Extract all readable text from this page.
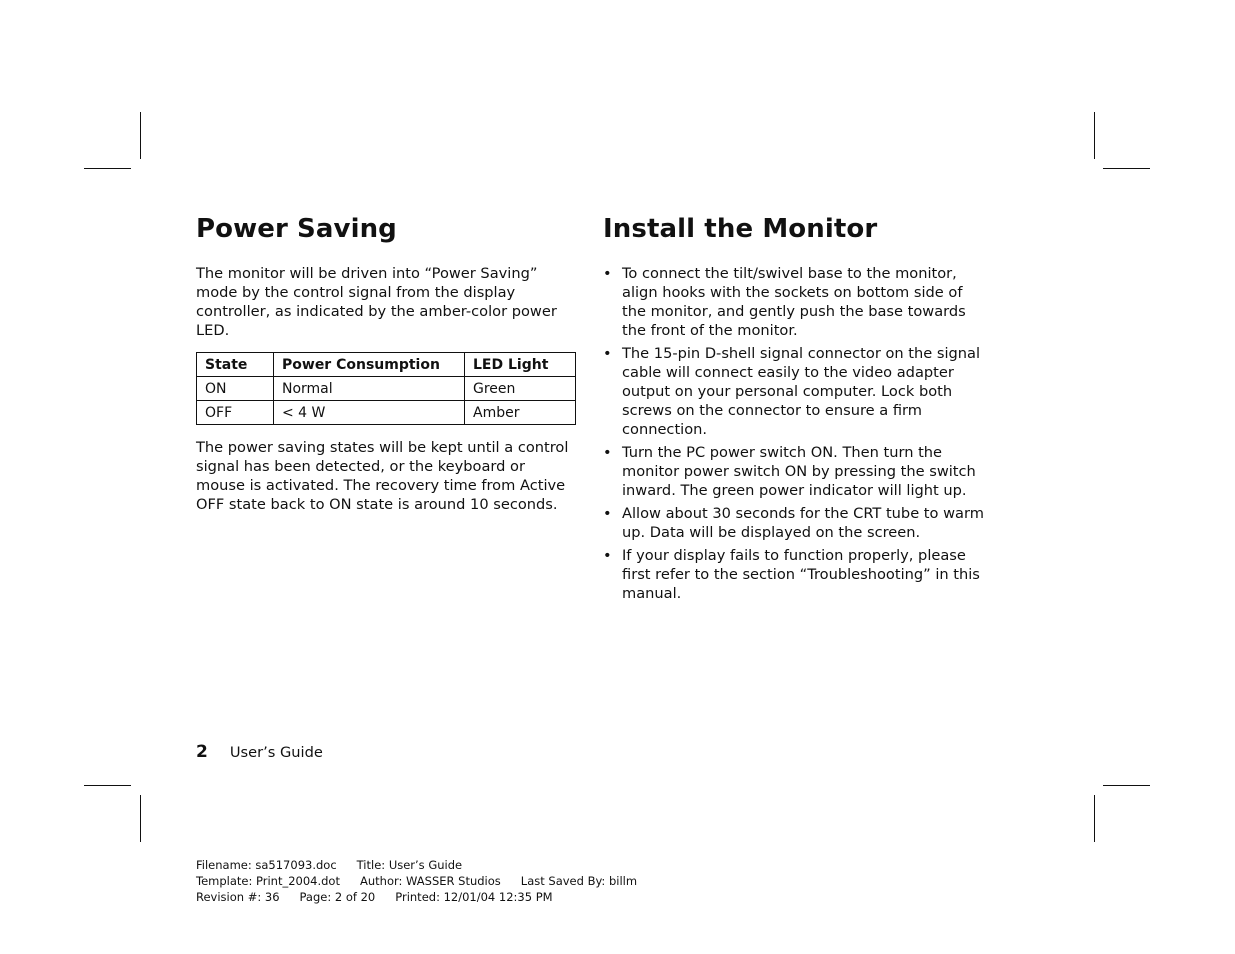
Power Saving

The monitor will be driven into “Power Saving” mode by the control signal from the display controller, as indicated by the amber-color power LED.

State	Power Consumption	LED Light
ON	Normal	Green
OFF	< 4 W	Amber

The power saving states will be kept until a control signal has been detected, or the keyboard or mouse is activated. The recovery time from Active OFF state back to ON state is around 10 seconds.

Install the Monitor
• To connect the tilt/swivel base to the monitor, align hooks with the sockets on bottom side of the monitor, and gently push the base towards the front of the monitor.
• The 15-pin D-shell signal connector on the signal cable will connect easily to the video adapter output on your personal computer. Lock both screws on the connector to ensure a firm connection.
• Turn the PC power switch ON. Then turn the monitor power switch ON by pressing the switch inward. The green power indicator will light up.
• Allow about 30 seconds for the CRT tube to warm up. Data will be displayed on the screen.
• If your display fails to function properly, please first refer to the section “Troubleshooting” in this manual.
2 User’s Guide
Filename: sa517093.doc Title: User’s Guide
Template: Print_2004.dot Author: WASSER Studios Last Saved By: billm
Revision #: 36 Page: 2 of 20 Printed: 12/01/04 12:35 PM
